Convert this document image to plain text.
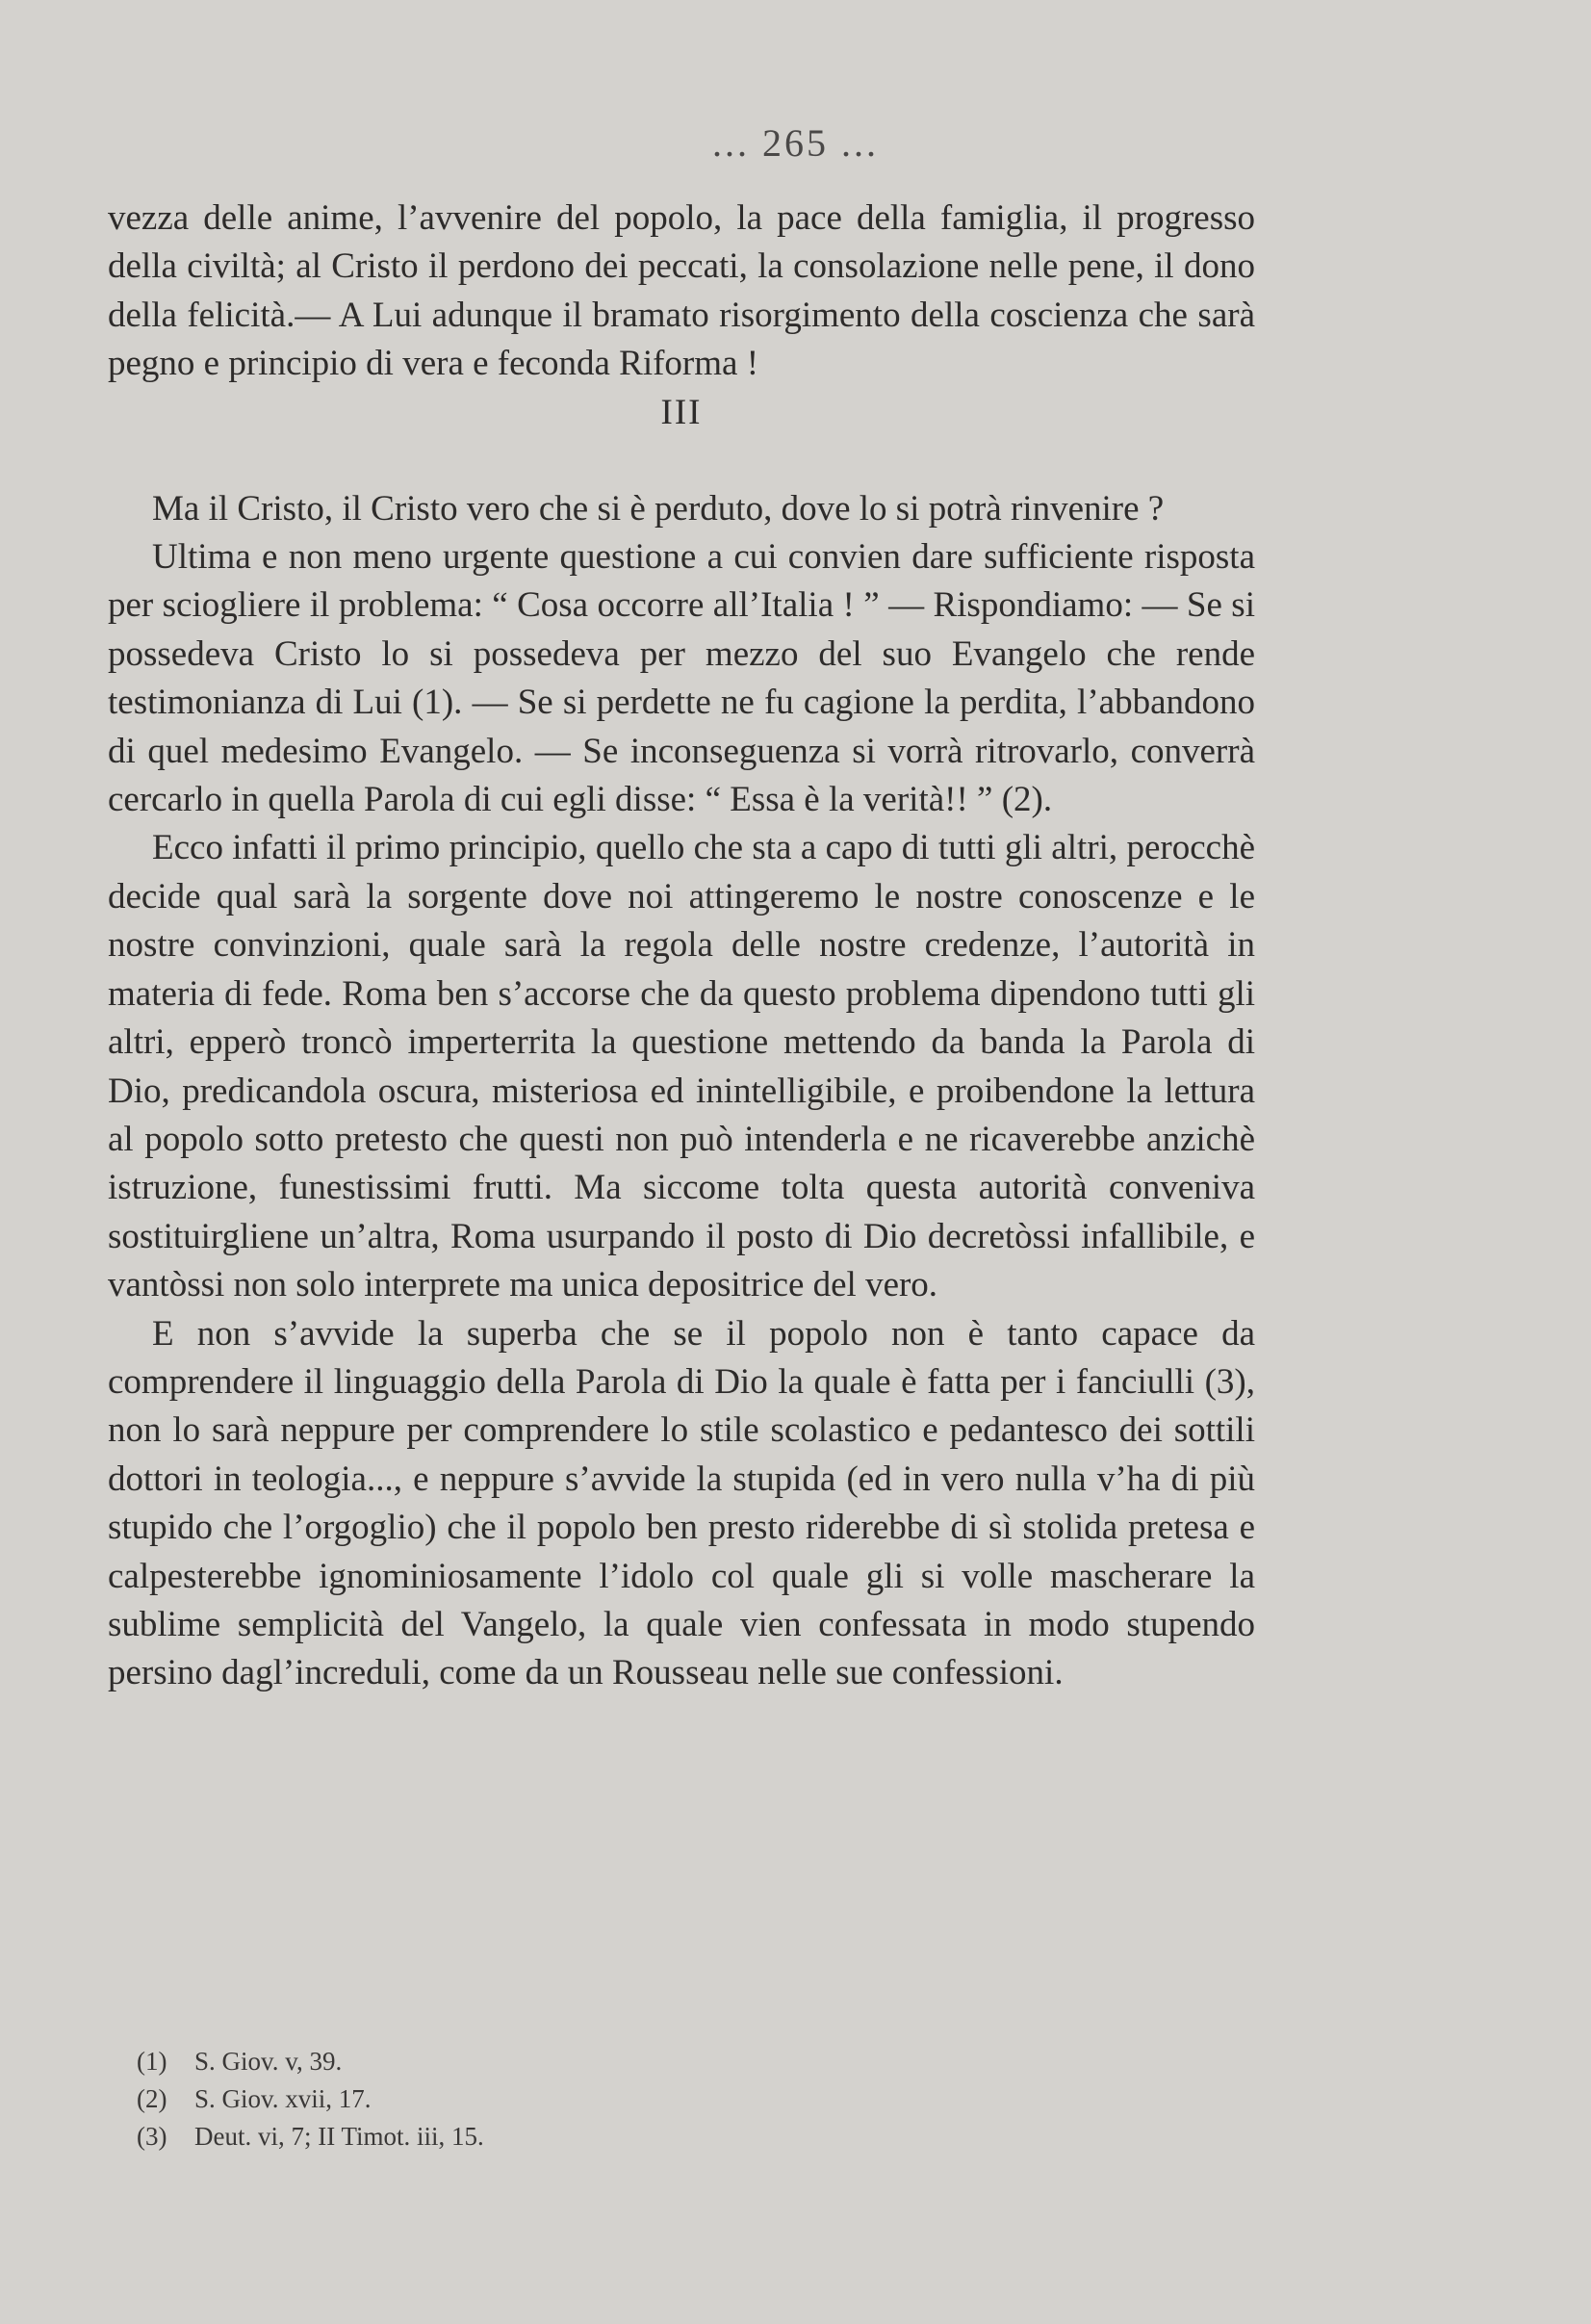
... 265 ...

vezza delle anime, l’avvenire del popolo, la pace della famiglia, il progresso della civiltà; al Cristo il perdono dei peccati, la consolazione nelle pene, il dono della felicità.— A Lui adunque il bramato risorgimento della coscienza che sarà pegno e principio di vera e feconda Riforma !

III

Ma il Cristo, il Cristo vero che si è perduto, dove lo si potrà rinvenire ?

Ultima e non meno urgente questione a cui convien dare sufficiente risposta per sciogliere il problema: “ Cosa occorre all’Italia ! ” — Rispondiamo: — Se si possedeva Cristo lo si possedeva per mezzo del suo Evangelo che rende testimonianza di Lui (1). — Se si perdette ne fu cagione la perdita, l’abbandono di quel medesimo Evangelo. — Se inconseguenza si vorrà ritrovarlo, converrà cercarlo in quella Parola di cui egli disse: “ Essa è la verità!! ” (2).

Ecco infatti il primo principio, quello che sta a capo di tutti gli altri, perocchè decide qual sarà la sorgente dove noi attingeremo le nostre conoscenze e le nostre convinzioni, quale sarà la regola delle nostre credenze, l’autorità in materia di fede. Roma ben s’accorse che da questo problema dipendono tutti gli altri, epperò troncò imperterrita la questione mettendo da banda la Parola di Dio, predicandola oscura, misteriosa ed inintelligibile, e proibendone la lettura al popolo sotto pretesto che questi non può intenderla e ne ricaverebbe anzichè istruzione, funestissimi frutti. Ma siccome tolta questa autorità conveniva sostituirgliene un’altra, Roma usurpando il posto di Dio decretòssi infallibile, e vantòssi non solo interprete ma unica depositrice del vero.

E non s’avvide la superba che se il popolo non è tanto capace da comprendere il linguaggio della Parola di Dio la quale è fatta per i fanciulli (3), non lo sarà neppure per comprendere lo stile scolastico e pedantesco dei sottili dottori in teologia..., e neppure s’avvide la stupida (ed in vero nulla v’ha di più stupido che l’orgoglio) che il popolo ben presto riderebbe di sì stolida pretesa e calpesterebbe ignominiosamente l’idolo col quale gli si volle mascherare la sublime semplicità del Vangelo, la quale vien confessata in modo stupendo persino dagl’increduli, come da un Rousseau nelle sue confessioni.

(1) S. Giov. v, 39.
(2) S. Giov. xvii, 17.
(3) Deut. vi, 7; II Timot. iii, 15.
